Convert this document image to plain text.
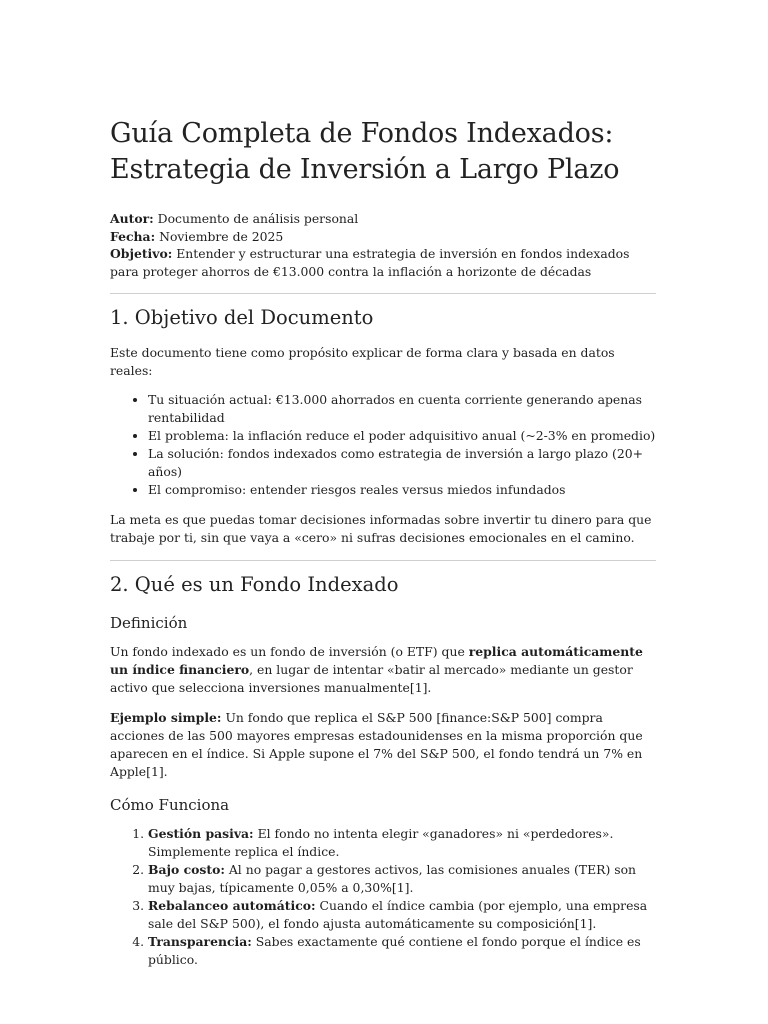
Guía Completa de Fondos Indexados:
Estrategia de Inversión a Largo Plazo
Autor: Documento de análisis personal
Fecha: Noviembre de 2025
Objetivo: Entender y estructurar una estrategia de inversión en fondos indexados para proteger ahorros de €13.000 contra la inflación a horizonte de décadas
1. Objetivo del Documento

Este documento tiene como propósito explicar de forma clara y basada en datos reales:

• Tu situación actual: €13.000 ahorrados en cuenta corriente generando apenas rentabilidad
• El problema: la inflación reduce el poder adquisitivo anual (~2-3% en promedio)
• La solución: fondos indexados como estrategia de inversión a largo plazo (20+ años)
• El compromiso: entender riesgos reales versus miedos infundados

La meta es que puedas tomar decisiones informadas sobre invertir tu dinero para que trabaje por ti, sin que vaya a «cero» ni sufras decisiones emocionales en el camino.

2. Qué es un Fondo Indexado
Definición

Un fondo indexado es un fondo de inversión (o ETF) que replica automáticamente un índice financiero, en lugar de intentar «batir al mercado» mediante un gestor activo que selecciona inversiones manualmente[1].

Ejemplo simple: Un fondo que replica el S&P 500 [finance:S&P 500] compra acciones de las 500 mayores empresas estadounidenses en la misma proporción que aparecen en el índice. Si Apple supone el 7% del S&P 500, el fondo tendrá un 7% en Apple[1].

Cómo Funciona
1. Gestión pasiva: El fondo no intenta elegir «ganadores» ni «perdedores». Simplemente replica el índice.
2. Bajo costo: Al no pagar a gestores activos, las comisiones anuales (TER) son muy bajas, típicamente 0,05% a 0,30%[1].
3. Rebalanceo automático: Cuando el índice cambia (por ejemplo, una empresa sale del S&P 500), el fondo ajusta automáticamente su composición[1].
4. Transparencia: Sabes exactamente qué contiene el fondo porque el índice es público.
